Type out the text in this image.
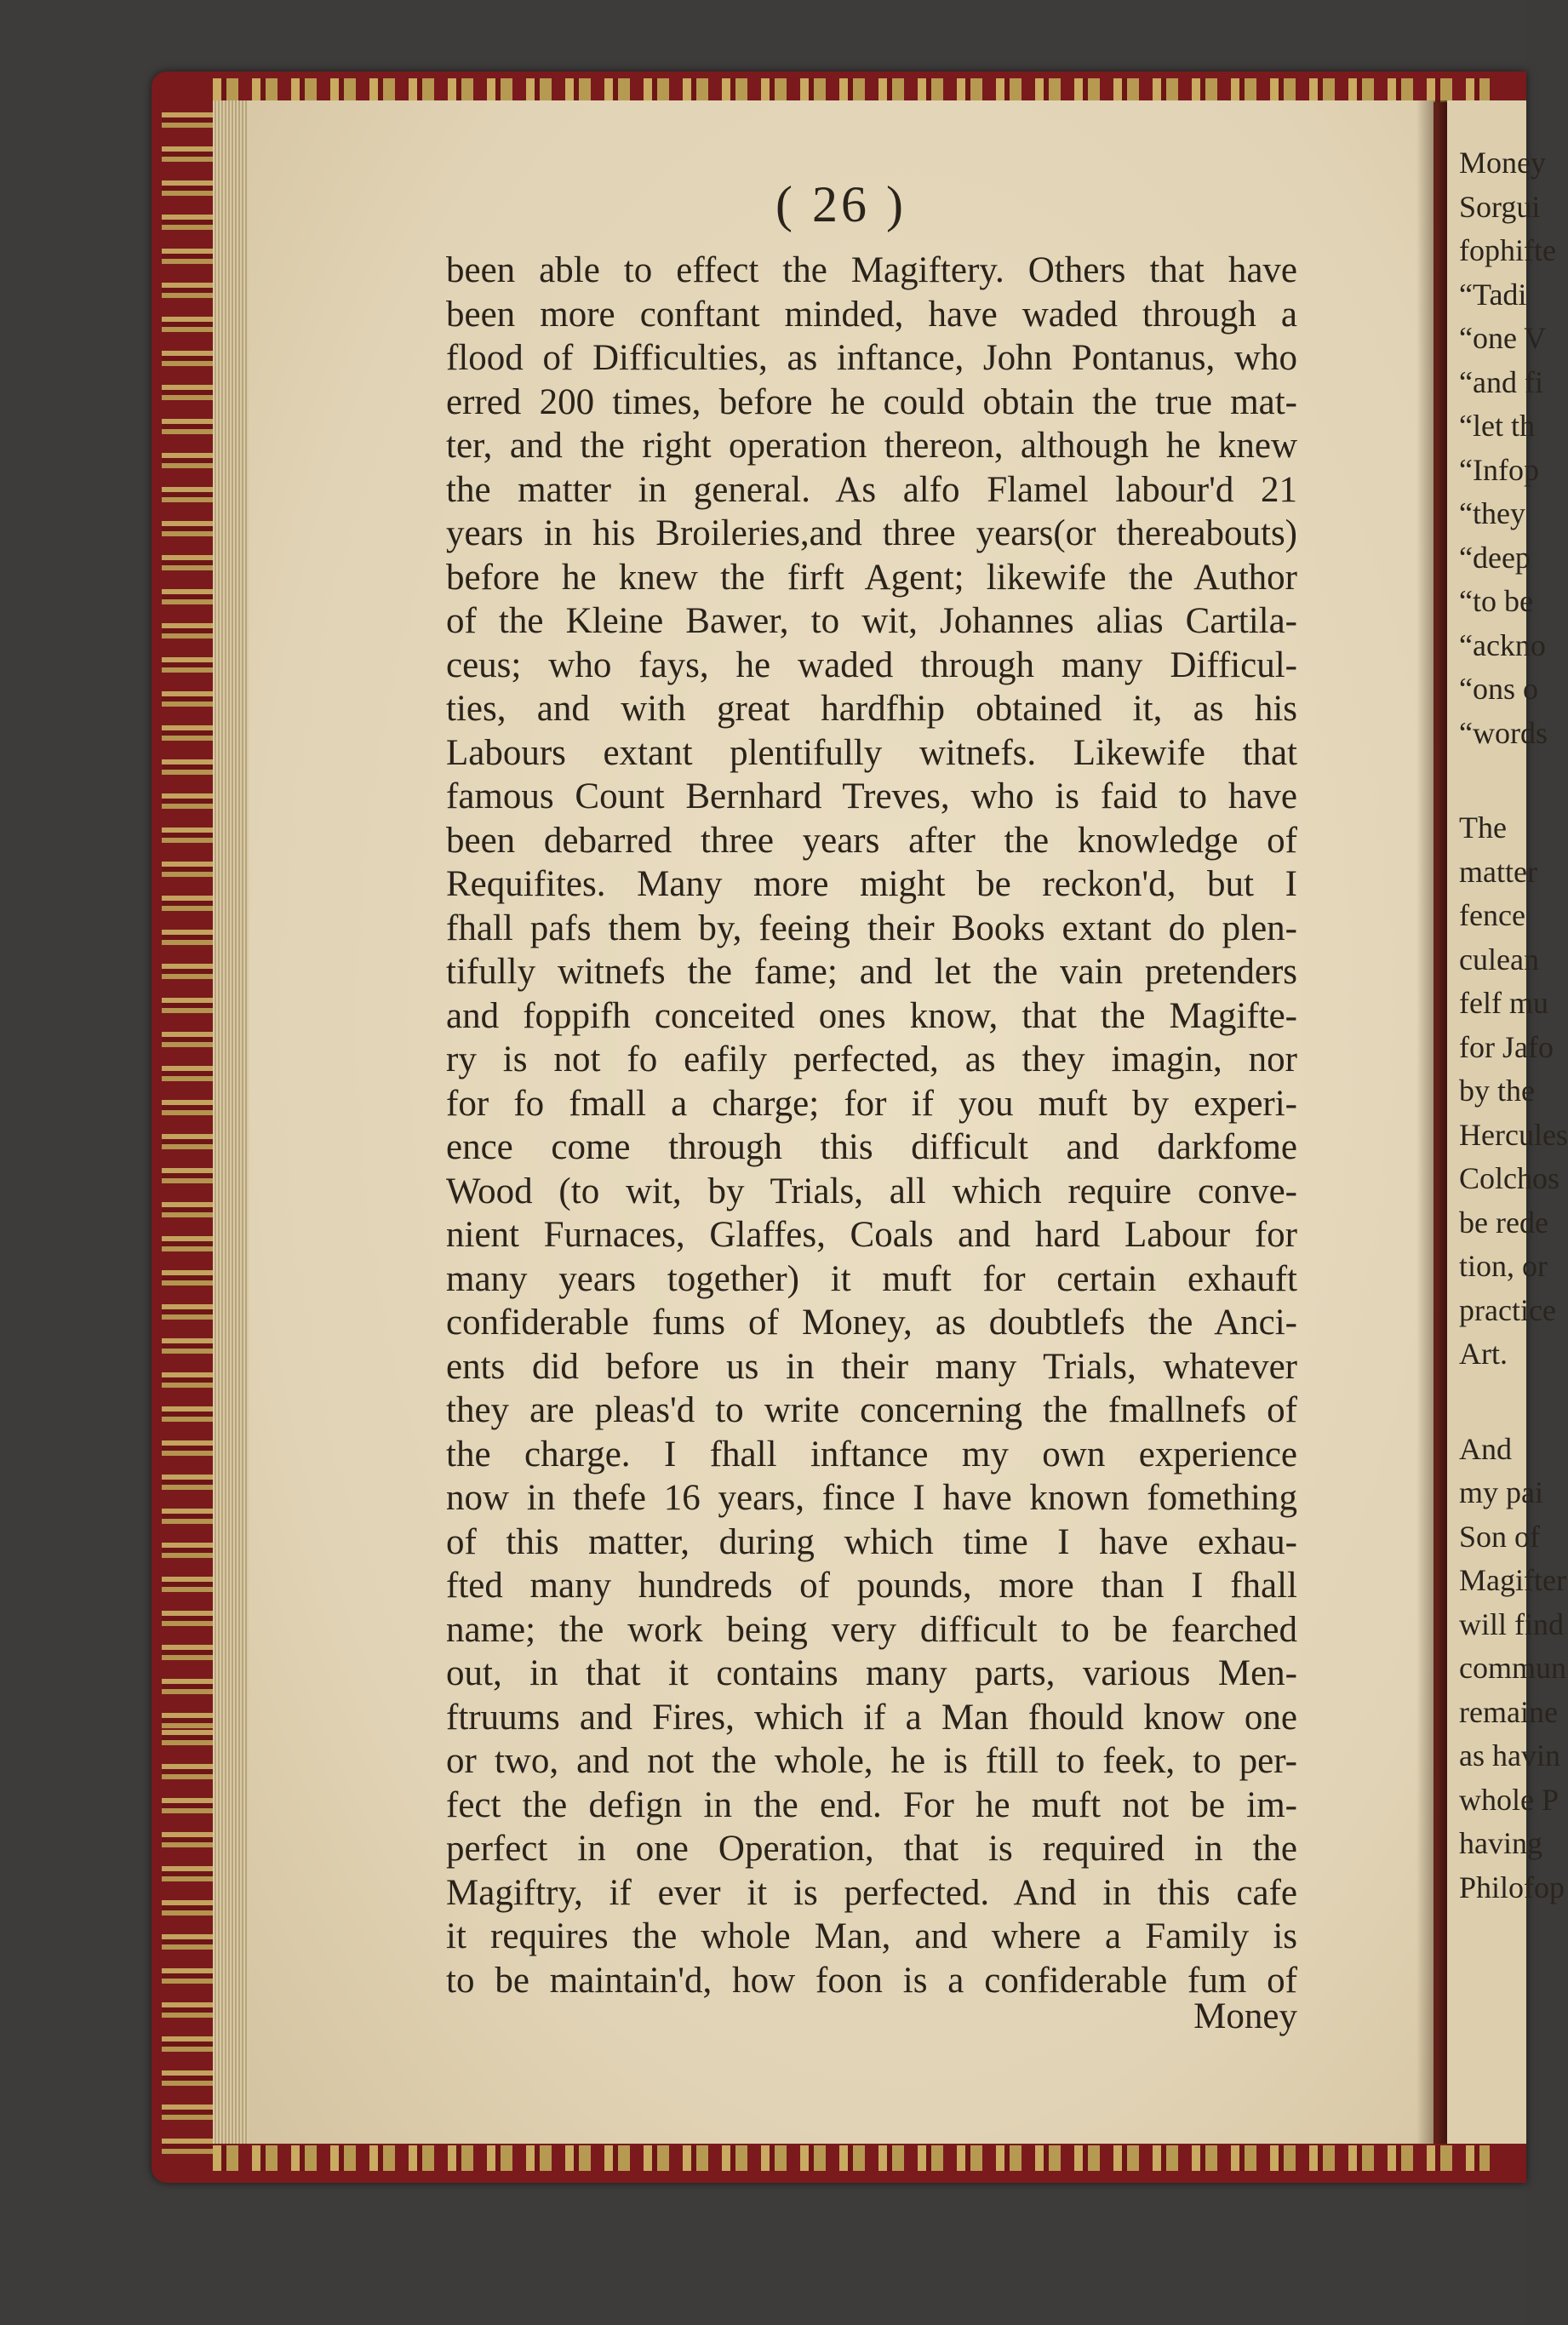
( 26 )
been able to effect the Magiftery. Others that have
been more conftant minded, have waded through a
flood of Difficulties, as inftance, John Pontanus, who
erred 200 times, before he could obtain the true mat-
ter, and the right operation thereon, although he knew
the matter in general. As alfo Flamel labour'd 21
years in his Broileries,and three years(or thereabouts)
before he knew the firft Agent; likewife the Author
of the Kleine Bawer, to wit, Johannes alias Cartila-
ceus; who fays, he waded through many Difficul-
ties, and with great hardfhip obtained it, as his
Labours extant plentifully witnefs. Likewife that
famous Count Bernhard Treves, who is faid to have
been debarred three years after the knowledge of
Requifites. Many more might be reckon'd, but I
fhall pafs them by, feeing their Books extant do plen-
tifully witnefs the fame; and let the vain pretenders
and foppifh conceited ones know, that the Magifte-
ry is not fo eafily perfected, as they imagin, nor
for fo fmall a charge; for if you muft by experi-
ence come through this difficult and darkfome
Wood (to wit, by Trials, all which require conve-
nient Furnaces, Glaffes, Coals and hard Labour for
many years together) it muft for certain exhauft
confiderable fums of Money, as doubtlefs the Anci-
ents did before us in their many Trials, whatever
they are pleas'd to write concerning the fmallnefs of
the charge. I fhall inftance my own experience
now in thefe 16 years, fince I have known fomething
of this matter, during which time I have exhau-
fted many hundreds of pounds, more than I fhall
name; the work being very difficult to be fearched
out, in that it contains many parts, various Men-
ftruums and Fires, which if a Man fhould know one
or two, and not the whole, he is ftill to feek, to per-
fect the defign in the end. For he muft not be im-
perfect in one Operation, that is required in the
Magiftry, if ever it is perfected. And in this cafe
it requires the whole Man, and where a Family is
to be maintain'd, how foon is a confiderable fum of
Money
Money
Sorgui
fophifte
“Tadi
“one V
“and fi
“let th
“Infop
“they
“deep
“to be
“ackno
“ons o
“words
The
matter
fence
culean
felf mu
for Jafo
by the
Hercules
Colchos
be rede
tion, or
practice
Art.
And
my pai
Son of
Magifter
will find
commun
remaine
as havin
whole P
having
Philofop
